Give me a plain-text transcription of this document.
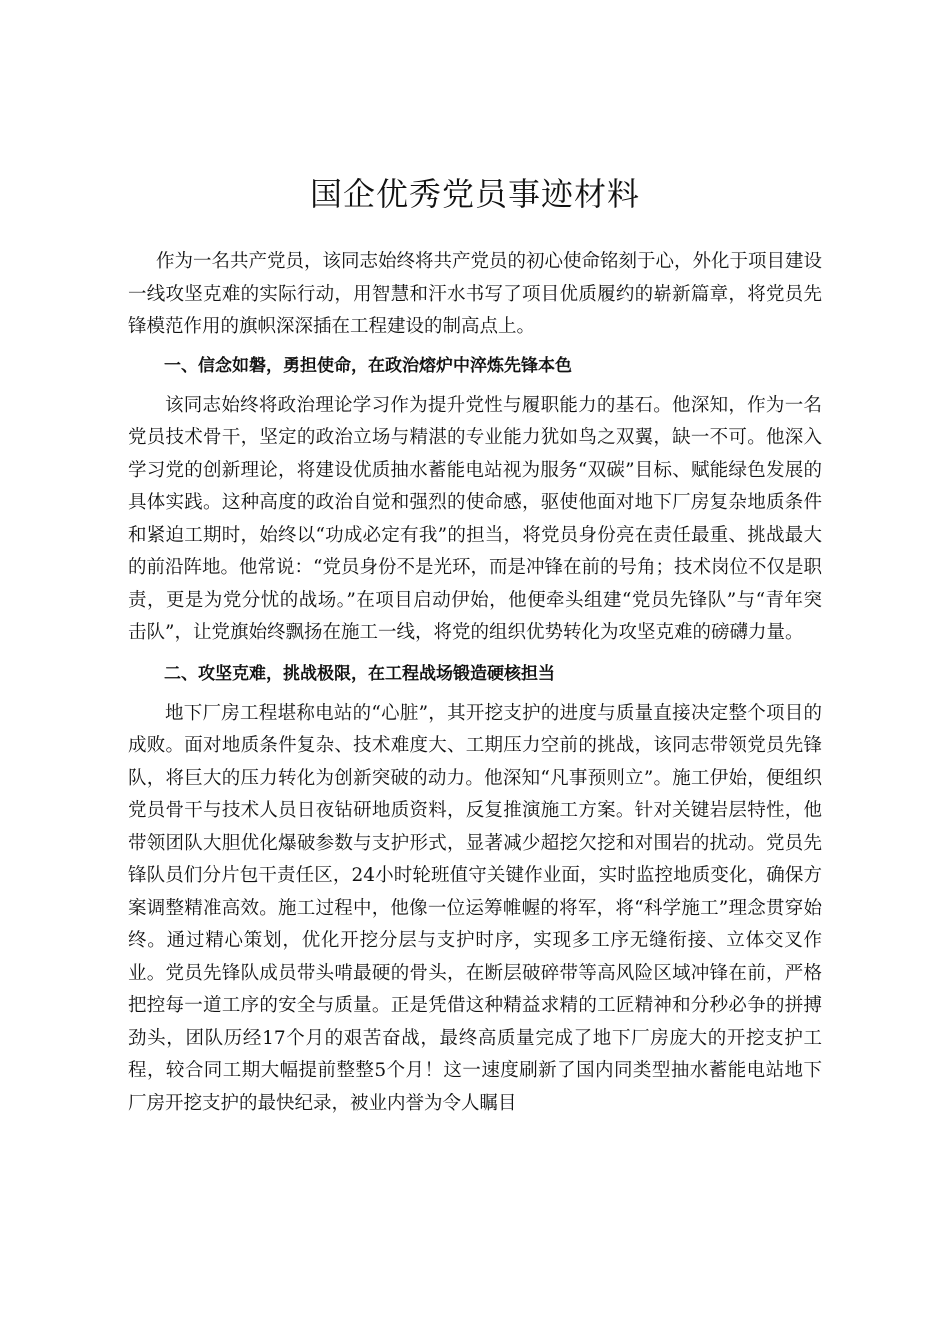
国企优秀党员事迹材料

作为一名共产党员，该同志始终将共产党员的初心使命铭刻于心，外化于项目建设一线攻坚克难的实际行动，用智慧和汗水书写了项目优质履约的崭新篇章，将党员先锋模范作用的旗帜深深插在工程建设的制高点上。

一、信念如磐，勇担使命，在政治熔炉中淬炼先锋本色

该同志始终将政治理论学习作为提升党性与履职能力的基石。他深知，作为一名党员技术骨干，坚定的政治立场与精湛的专业能力犹如鸟之双翼，缺一不可。他深入学习党的创新理论，将建设优质抽水蓄能电站视为服务“双碳”目标、赋能绿色发展的具体实践。这种高度的政治自觉和强烈的使命感，驱使他面对地下厂房复杂地质条件和紧迫工期时，始终以“功成必定有我”的担当，将党员身份亮在责任最重、挑战最大的前沿阵地。他常说：“党员身份不是光环，而是冲锋在前的号角；技术岗位不仅是职责，更是为党分忧的战场。”在项目启动伊始，他便牵头组建“党员先锋队”与“青年突击队”，让党旗始终飘扬在施工一线，将党的组织优势转化为攻坚克难的磅礴力量。

二、攻坚克难，挑战极限，在工程战场锻造硬核担当

地下厂房工程堪称电站的“心脏”，其开挖支护的进度与质量直接决定整个项目的成败。面对地质条件复杂、技术难度大、工期压力空前的挑战，该同志带领党员先锋队，将巨大的压力转化为创新突破的动力。他深知“凡事预则立”。施工伊始，便组织党员骨干与技术人员日夜钻研地质资料，反复推演施工方案。针对关键岩层特性，他带领团队大胆优化爆破参数与支护形式，显著减少超挖欠挖和对围岩的扰动。党员先锋队员们分片包干责任区，24小时轮班值守关键作业面，实时监控地质变化，确保方案调整精准高效。施工过程中，他像一位运筹帷幄的将军，将“科学施工”理念贯穿始终。通过精心策划，优化开挖分层与支护时序，实现多工序无缝衔接、立体交叉作业。党员先锋队成员带头啃最硬的骨头，在断层破碎带等高风险区域冲锋在前，严格把控每一道工序的安全与质量。正是凭借这种精益求精的工匠精神和分秒必争的拼搏劲头，团队历经17个月的艰苦奋战，最终高质量完成了地下厂房庞大的开挖支护工程，较合同工期大幅提前整整5个月！这一速度刷新了国内同类型抽水蓄能电站地下厂房开挖支护的最快纪录，被业内誉为令人瞩目
